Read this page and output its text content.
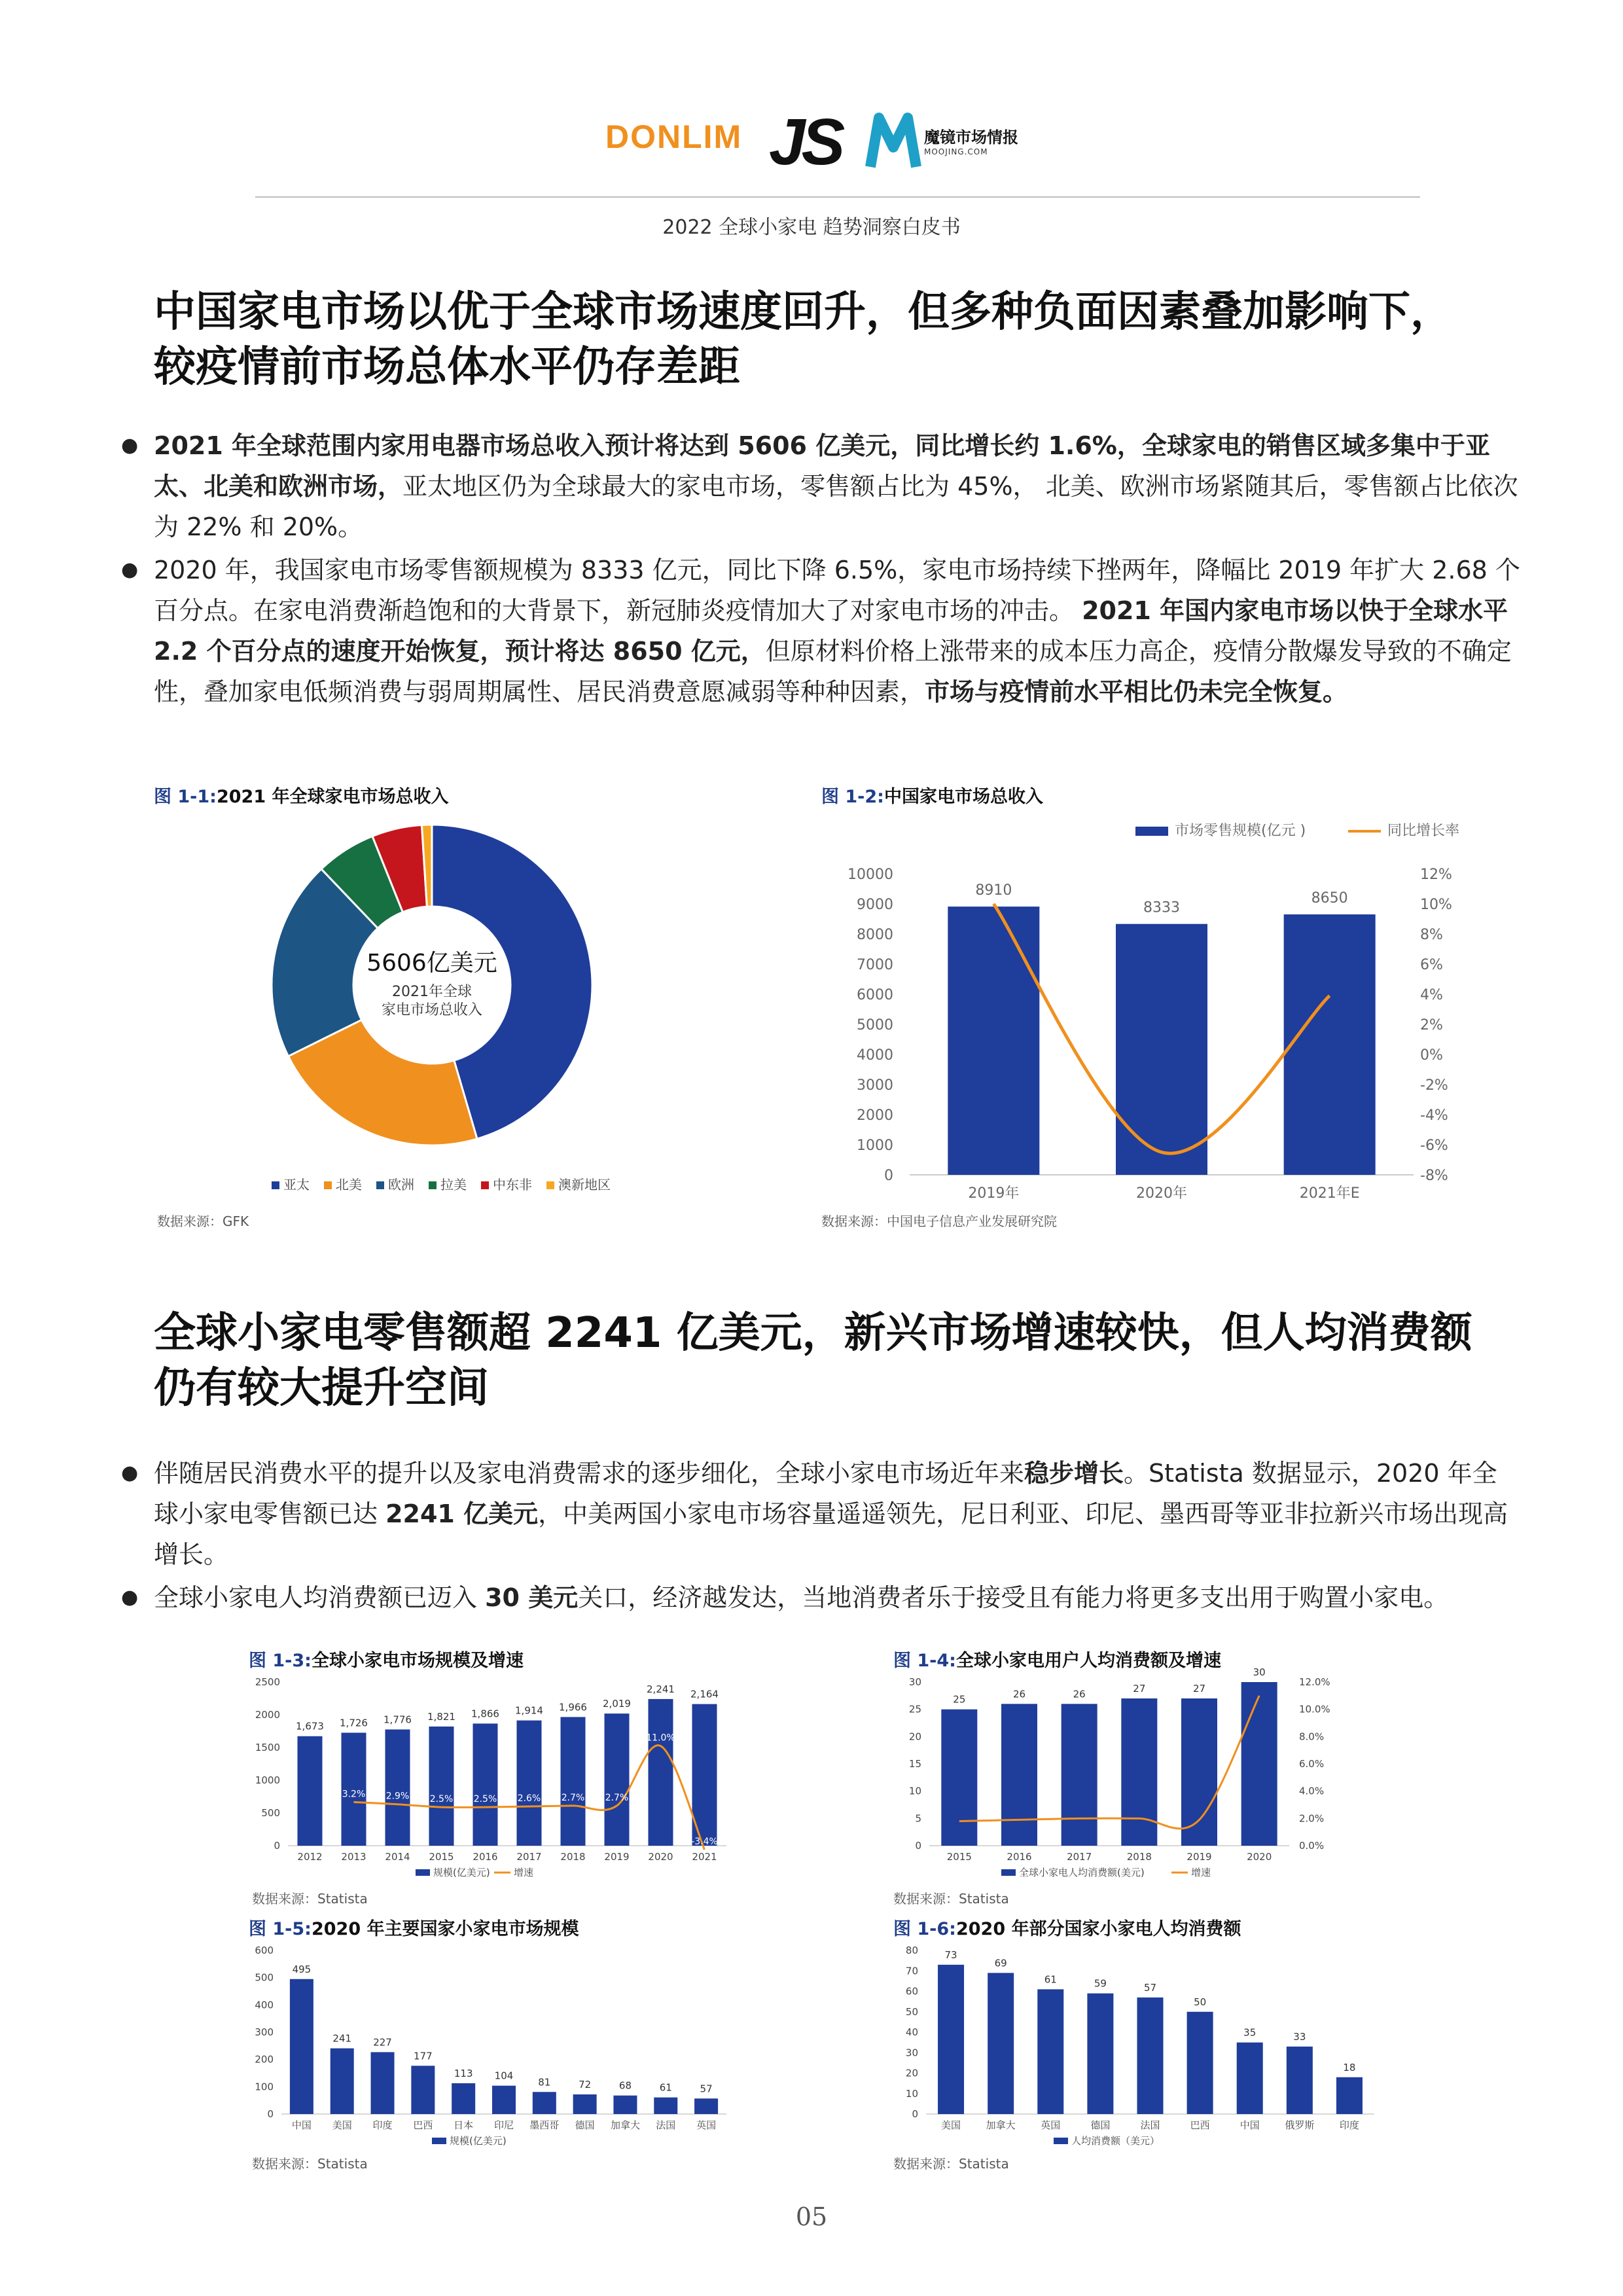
DONLIM JS	魔镜市场情报
MOOJING.COM
2022 全球小家电 趋势洞察白皮书
中国家电市场以优于全球市场速度回升，但多种负面因素叠加影响下，
较疫情前市场总体水平仍存差距
● 2021 年全球范围内家用电器市场总收入预计将达到 5606 亿美元，同比增长约 1.6%，全球家电的销售区域多集中于亚太、北美和欧洲市场，亚太地区仍为全球最大的家电市场，零售额占比为 45%， 北美、欧洲市场紧随其后，零售额占比依次为 22% 和 20%。
● 2020 年，我国家电市场零售额规模为 8333 亿元，同比下降 6.5%，家电市场持续下挫两年，降幅比 2019 年扩大 2.68 个百分点。在家电消费渐趋饱和的大背景下，新冠肺炎疫情加大了对家电市场的冲击。 2021 年国内家电市场以快于全球水平 2.2 个百分点的速度开始恢复，预计将达 8650 亿元，但原材料价格上涨带来的成本压力高企，疫情分散爆发导致的不确定性，叠加家电低频消费与弱周期属性、居民消费意愿减弱等种种因素，市场与疫情前水平相比仍未完全恢复。
图 1-1:2021 年全球家电市场总收入
5606亿美元
2021年全球
家电市场总收入
亚太 北美 欧洲 拉美 中东非 澳新地区
数据来源：GFK
图 1-2:中国家电市场总收入
市场零售规模(亿元 )	同比增长率
0
1000
2000
3000
4000
5000
6000
7000
8000
9000
10000
-8%
-6%
-4%
-2%
0%
2%
4%
6%
8%
10%
12%
8910
2019年
8333
2020年
8650
2021年E
数据来源：中国电子信息产业发展研究院
全球小家电零售额超 2241 亿美元，新兴市场增速较快，但人均消费额
仍有较大提升空间
● 伴随居民消费水平的提升以及家电消费需求的逐步细化，全球小家电市场近年来稳步增长。Statista 数据显示，2020 年全球小家电零售额已达 2241 亿美元，中美两国小家电市场容量遥遥领先，尼日利亚、印尼、墨西哥等亚非拉新兴市场出现高增长。
● 全球小家电人均消费额已迈入 30 美元关口，经济越发达，当地消费者乐于接受且有能力将更多支出用于购置小家电。
图 1-3:全球小家电市场规模及增速
0
500
1000
1500
2000
2500
1,673
2012
1,726
2013
1,776
2014
1,821
2015
1,866
2016
1,914
2017
1,966
2018
2,019
2019
2,241
2020
2,164
2021
3.2% 2.9% 2.5% 2.5% 2.6% 2.7% 2.7%
11.0%
-3.4%
规模(亿美元) 增速
数据来源：Statista
图 1-4:全球小家电用户人均消费额及增速
0
5
10
15
20
25
30
25
2015
26
2016
26
2017
27
2018
27
2019
30
2020
0.0%
2.0%
4.0%
6.0%
8.0%
10.0%
12.0%
全球小家电人均消费额(美元)	增速
数据来源：Statista
图 1-5:2020 年主要国家小家电市场规模
0
100
200
300
400
500
600
495
中国
241
美国
227
印度
177
巴西
113
日本
104
印尼
81
墨西哥
72
德国
68
加拿大
61
法国
57
英国
规模(亿美元)
数据来源：Statista
图 1-6:2020 年部分国家小家电人均消费额
0
10
20
30
40
50
60
70
80	73
美国
69
加拿大
61
英国
59
德国
57
法国
50
巴西
35
中国
33
俄罗斯
18
印度
人均消费额（美元）
数据来源：Statista
05
